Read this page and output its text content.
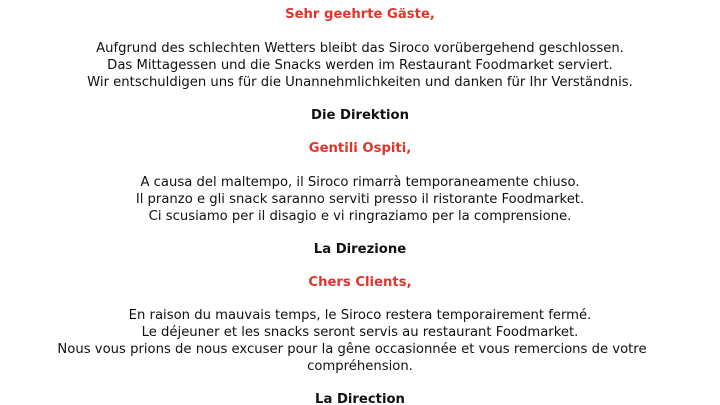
Sehr geehrte Gäste,
Aufgrund des schlechten Wetters bleibt das Siroco vorübergehend geschlossen.
Das Mittagessen und die Snacks werden im Restaurant Foodmarket serviert.
Wir entschuldigen uns für die Unannehmlichkeiten und danken für Ihr Verständnis.
Die Direktion
Gentili Ospiti,
A causa del maltempo, il Siroco rimarrà temporaneamente chiuso.
Il pranzo e gli snack saranno serviti presso il ristorante Foodmarket.
Ci scusiamo per il disagio e vi ringraziamo per la comprensione.
La Direzione
Chers Clients,
En raison du mauvais temps, le Siroco restera temporairement fermé.
Le déjeuner et les snacks seront servis au restaurant Foodmarket.
Nous vous prions de nous excuser pour la gêne occasionnée et vous remercions de votre
compréhension.
La Direction
